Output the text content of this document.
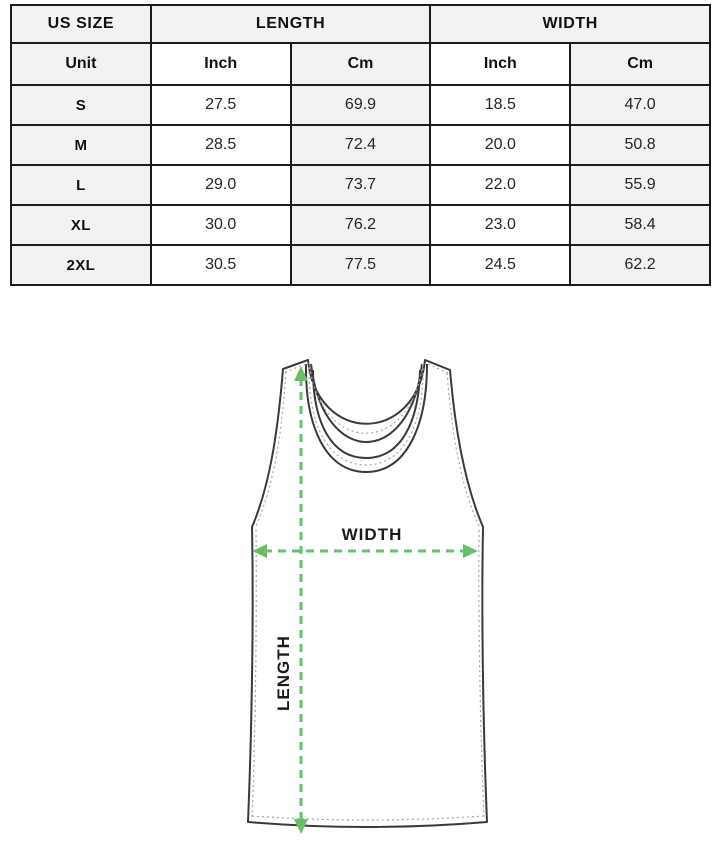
US SIZE	LENGTH		WIDTH	
Unit	Inch	Cm	Inch	Cm
S	27.5	69.9	18.5	47.0
M	28.5	72.4	20.0	50.8
L	29.0	73.7	22.0	55.9
XL	30.0	76.2	23.0	58.4
2XL	30.5	77.5	24.5	62.2
WIDTH
LENGTH
